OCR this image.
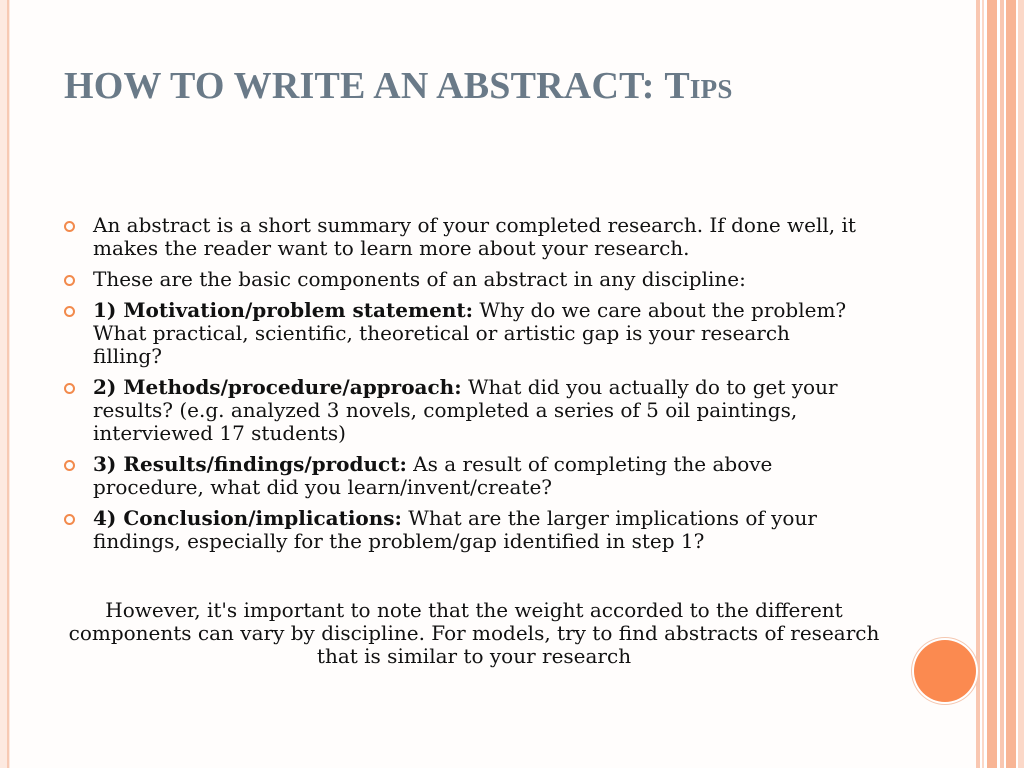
HOW TO WRITE AN ABSTRACT: Tips
An abstract is a short summary of your completed research. If done well, it makes the reader want to learn more about your research.
These are the basic components of an abstract in any discipline:
1) Motivation/problem statement: Why do we care about the problem? What practical, scientific, theoretical or artistic gap is your research filling?
2) Methods/procedure/approach: What did you actually do to get your results? (e.g. analyzed 3 novels, completed a series of 5 oil paintings, interviewed 17 students)
3) Results/findings/product: As a result of completing the above procedure, what did you learn/invent/create?
4) Conclusion/implications: What are the larger implications of your findings, especially for the problem/gap identified in step 1?

However, it's important to note that the weight accorded to the different components can vary by discipline. For models, try to find abstracts of research that is similar to your research
